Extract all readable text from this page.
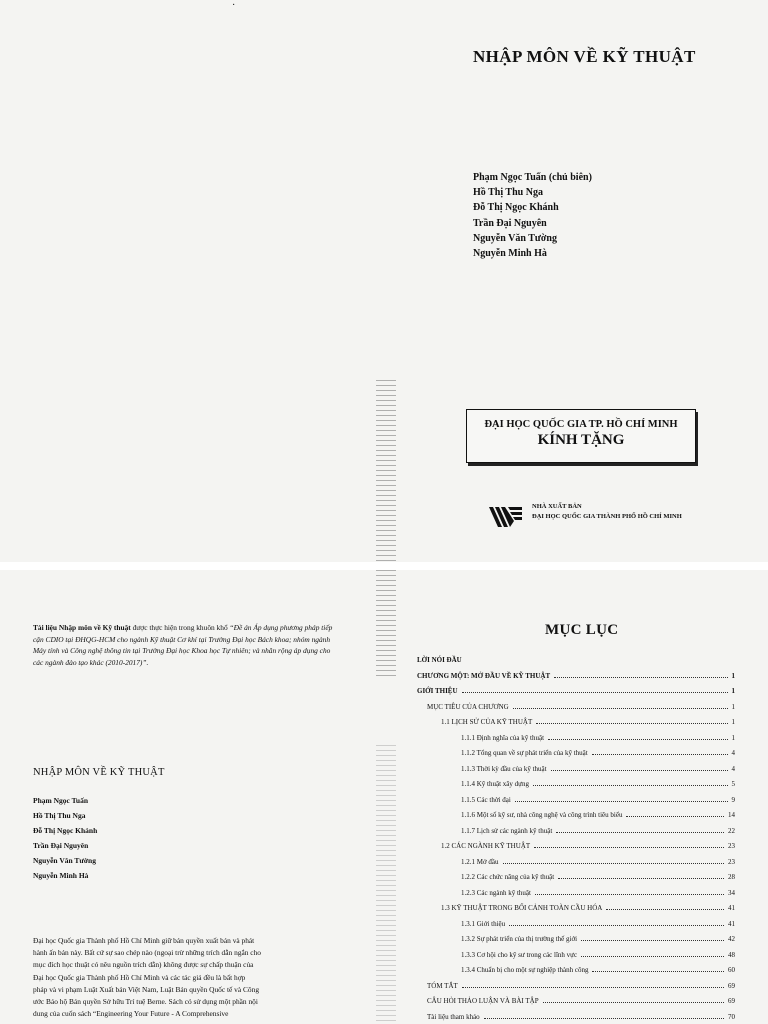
·
NHẬP MÔN VỀ KỸ THUẬT
Phạm Ngọc Tuấn (chủ biên)
Hồ Thị Thu Nga
Đỗ Thị Ngọc Khánh
Trần Đại Nguyên
Nguyễn Văn Tường
Nguyễn Minh Hà
ĐẠI HỌC QUỐC GIA TP. HỒ CHÍ MINH
KÍNH TẶNG
NHÀ XUẤT BẢN
ĐẠI HỌC QUỐC GIA THÀNH PHỐ HỒ CHÍ MINH
Tài liệu Nhập môn về Kỹ thuật được thực hiện trong khuôn khổ “Đề án Áp dụng phương pháp tiếp cận CDIO tại ĐHQG-HCM cho ngành Kỹ thuật Cơ khí tại Trường Đại học Bách khoa; nhóm ngành Máy tính và Công nghệ thông tin tại Trường Đại học Khoa học Tự nhiên; và nhân rộng áp dụng cho các ngành đào tạo khác (2010-2017)”.
NHẬP MÔN VỀ KỸ THUẬT
Phạm Ngọc Tuấn
Hồ Thị Thu Nga
Đỗ Thị Ngọc Khánh
Trần Đại Nguyên
Nguyễn Văn Tường
Nguyễn Minh Hà
Đại học Quốc gia Thành phố Hồ Chí Minh giữ bản quyền xuất bản và phát
hành ấn bản này. Bất cứ sự sao chép nào (ngoại trừ những trích dẫn ngắn cho
mục đích học thuật có nêu nguồn trích dẫn) không được sự chấp thuận của
Đại học Quốc gia Thành phố Hồ Chí Minh và các tác giả đều là bất hợp
pháp và vi phạm Luật Xuất bản Việt Nam, Luật Bản quyền Quốc tế và Công
ước Bảo hộ Bản quyền Sở hữu Trí tuệ Berne. Sách có sử dụng một phần nội
dung của cuốn sách “Engineering Your Future - A Comprehensive
MỤC LỤC
LỜI NÓI ĐẦU
CHƯƠNG MỘT: MỞ ĐẦU VỀ KỸ THUẬT	1
GIỚI THIỆU	1
MỤC TIÊU CỦA CHƯƠNG	1
1.1 LỊCH SỬ CỦA KỸ THUẬT	1
1.1.1 Định nghĩa của kỹ thuật	1
1.1.2 Tổng quan về sự phát triển của kỹ thuật	4
1.1.3 Thời kỳ đầu của kỹ thuật	4
1.1.4 Kỹ thuật xây dựng	5
1.1.5 Các thời đại	9
1.1.6 Một số kỹ sư, nhà công nghệ và công trình tiêu biểu	14
1.1.7 Lịch sử các ngành kỹ thuật	22
1.2 CÁC NGÀNH KỸ THUẬT	23
1.2.1 Mở đầu	23
1.2.2 Các chức năng của kỹ thuật	28
1.2.3 Các ngành kỹ thuật	34
1.3 KỸ THUẬT TRONG BỐI CẢNH TOÀN CẦU HÓA	41
1.3.1 Giới thiệu	41
1.3.2 Sự phát triển của thị trường thế giới	42
1.3.3 Cơ hội cho kỹ sư trong các lĩnh vực	48
1.3.4 Chuẩn bị cho một sự nghiệp thành công	60
TÓM TẮT	69
CÂU HỎI THẢO LUẬN VÀ BÀI TẬP	69
Tài liệu tham khảo	70
